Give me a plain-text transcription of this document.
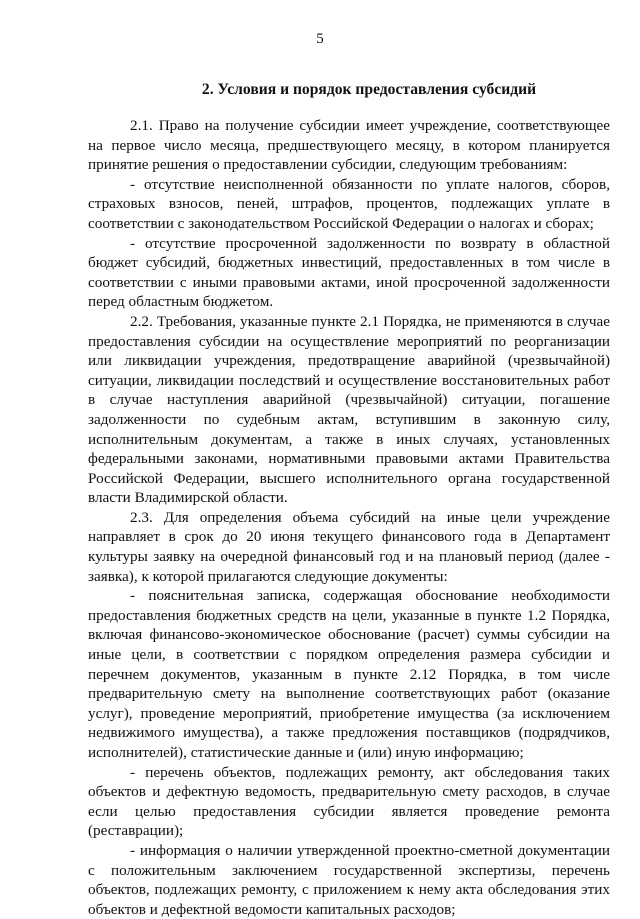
5
2. Условия и порядок предоставления субсидий

2.1. Право на получение субсидии имеет учреждение, соответствующее на первое число месяца, предшествующего месяцу, в котором планируется принятие решения о предоставлении субсидии, следующим требованиям:

- отсутствие неисполненной обязанности по уплате налогов, сборов, страховых взносов, пеней, штрафов, процентов, подлежащих уплате в соответствии с законодательством Российской Федерации о налогах и сборах;

- отсутствие просроченной задолженности по возврату в областной бюджет субсидий, бюджетных инвестиций, предоставленных в том числе в соответствии с иными правовыми актами, иной просроченной задолженности перед областным бюджетом.

2.2. Требования, указанные пункте 2.1 Порядка, не применяются в случае предоставления субсидии на осуществление мероприятий по реорганизации или ликвидации учреждения, предотвращение аварийной (чрезвычайной) ситуации, ликвидации последствий и осуществление восстановительных работ в случае наступления аварийной (чрезвычайной) ситуации, погашение задолженности по судебным актам, вступившим в законную силу, исполнительным документам, а также в иных случаях, установленных федеральными законами, нормативными правовыми актами Правительства Российской Федерации, высшего исполнительного органа государственной власти Владимирской области.

2.3. Для определения объема субсидий на иные цели учреждение направляет в срок до 20 июня текущего финансового года в Департамент культуры заявку на очередной финансовый год и на плановый период (далее - заявка), к которой прилагаются следующие документы:

- пояснительная записка, содержащая обоснование необходимости предоставления бюджетных средств на цели, указанные в пункте 1.2 Порядка, включая финансово-экономическое обоснование (расчет) суммы субсидии на иные цели, в соответствии с порядком определения размера субсидии и перечнем документов, указанным в пункте 2.12 Порядка, в том числе предварительную смету на выполнение соответствующих работ (оказание услуг), проведение мероприятий, приобретение имущества (за исключением недвижимого имущества), а также предложения поставщиков (подрядчиков, исполнителей), статистические данные и (или) иную информацию;

- перечень объектов, подлежащих ремонту, акт обследования таких объектов и дефектную ведомость, предварительную смету расходов, в случае если целью предоставления субсидии является проведение ремонта (реставрации);

- информация о наличии утвержденной проектно-сметной документации с положительным заключением государственной экспертизы, перечень объектов, подлежащих ремонту, с приложением к нему акта обследования этих объектов и дефектной ведомости капитальных расходов;
